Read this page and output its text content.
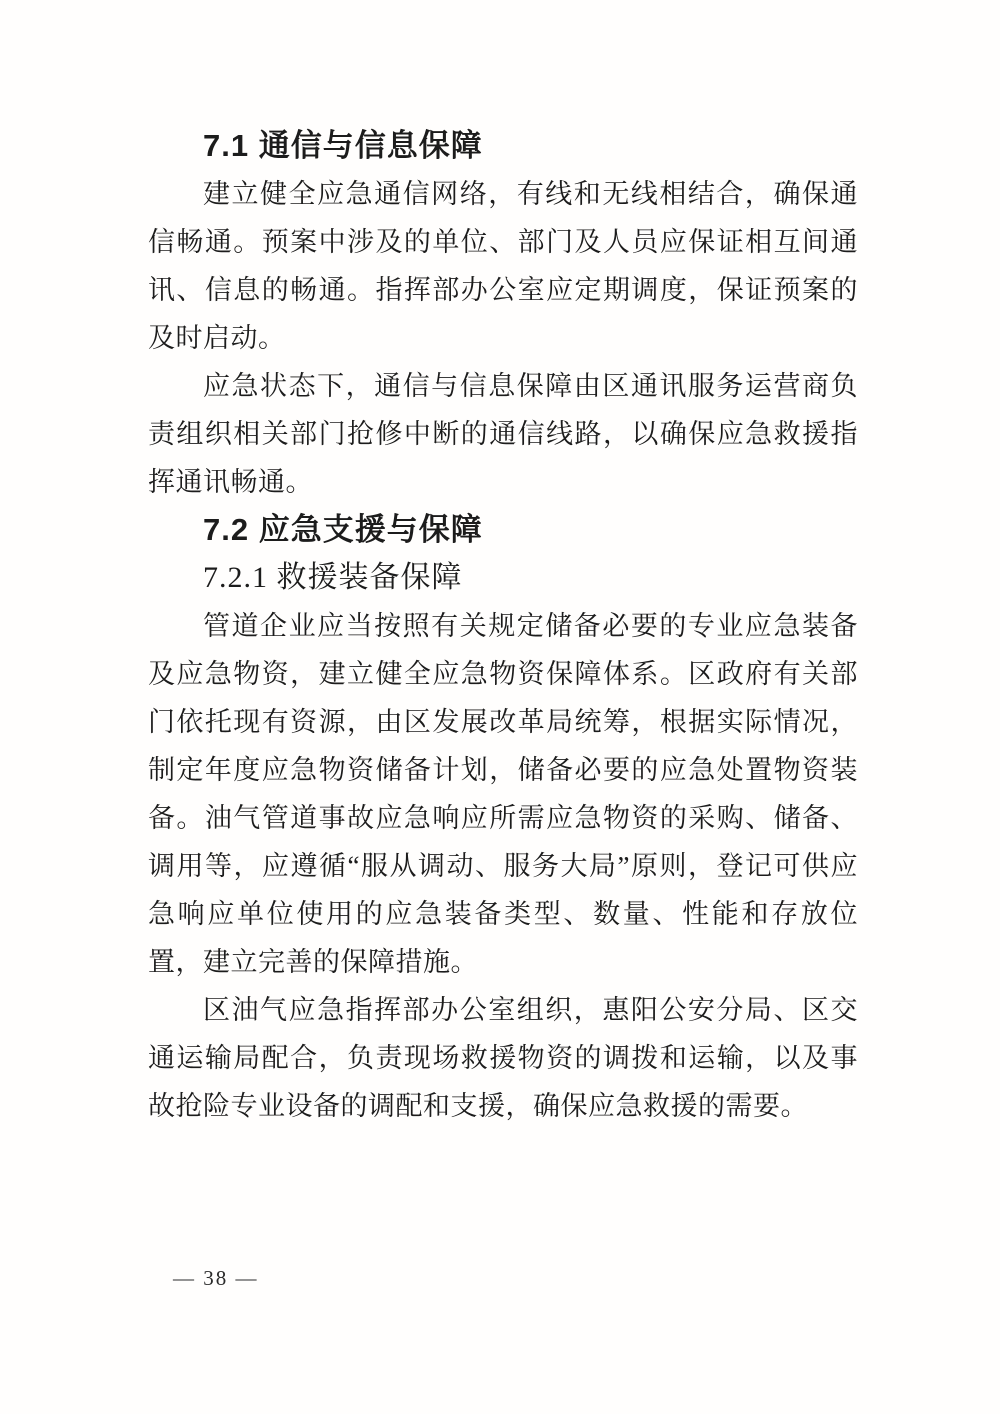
7.1 通信与信息保障

建立健全应急通信网络，有线和无线相结合，确保通信畅通。预案中涉及的单位、部门及人员应保证相互间通讯、信息的畅通。指挥部办公室应定期调度，保证预案的及时启动。

应急状态下，通信与信息保障由区通讯服务运营商负责组织相关部门抢修中断的通信线路，以确保应急救援指挥通讯畅通。

7.2 应急支援与保障
7.2.1 救援装备保障

管道企业应当按照有关规定储备必要的专业应急装备及应急物资，建立健全应急物资保障体系。区政府有关部门依托现有资源，由区发展改革局统筹，根据实际情况，制定年度应急物资储备计划，储备必要的应急处置物资装备。油气管道事故应急响应所需应急物资的采购、储备、调用等，应遵循“服从调动、服务大局”原则，登记可供应急响应单位使用的应急装备类型、数量、性能和存放位置，建立完善的保障措施。

区油气应急指挥部办公室组织，惠阳公安分局、区交通运输局配合，负责现场救援物资的调拨和运输，以及事故抢险专业设备的调配和支援，确保应急救援的需要。

— 38 —
